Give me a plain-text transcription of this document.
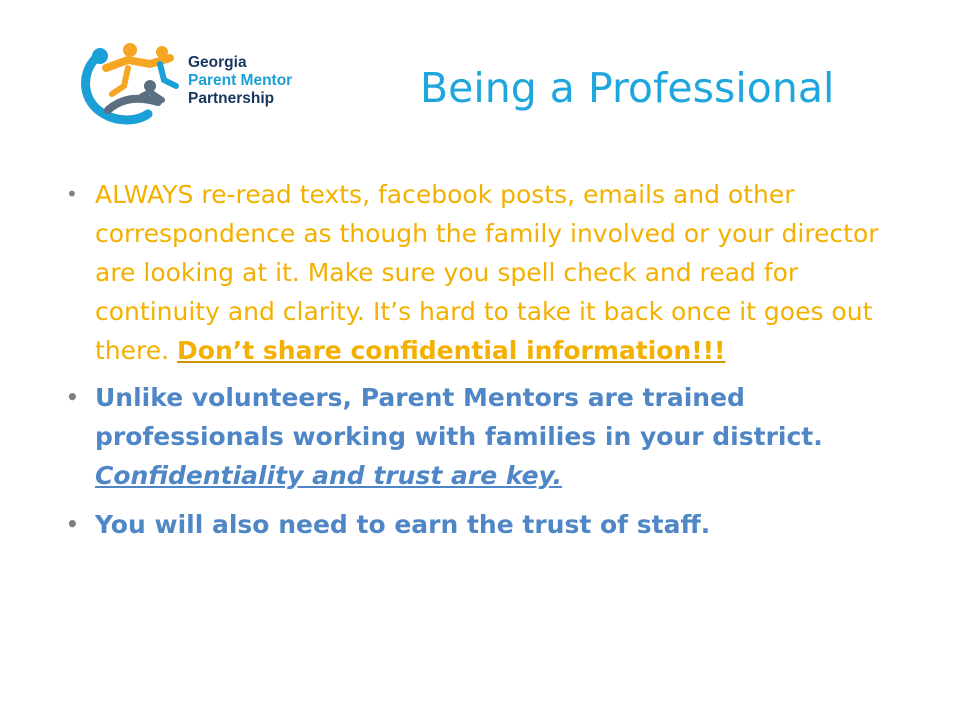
Georgia
Parent Mentor
Partnership	Being a Professional
• ALWAYS re-read texts, facebook posts, emails and other correspondence as though the family involved or your director are looking at it. Make sure you spell check and read for continuity and clarity. It’s hard to take it back once it goes out there. Don’t share confidential information!!!
• Unlike volunteers, Parent Mentors are trained professionals working with families in your district. Confidentiality and trust are key.
• You will also need to earn the trust of staff.
